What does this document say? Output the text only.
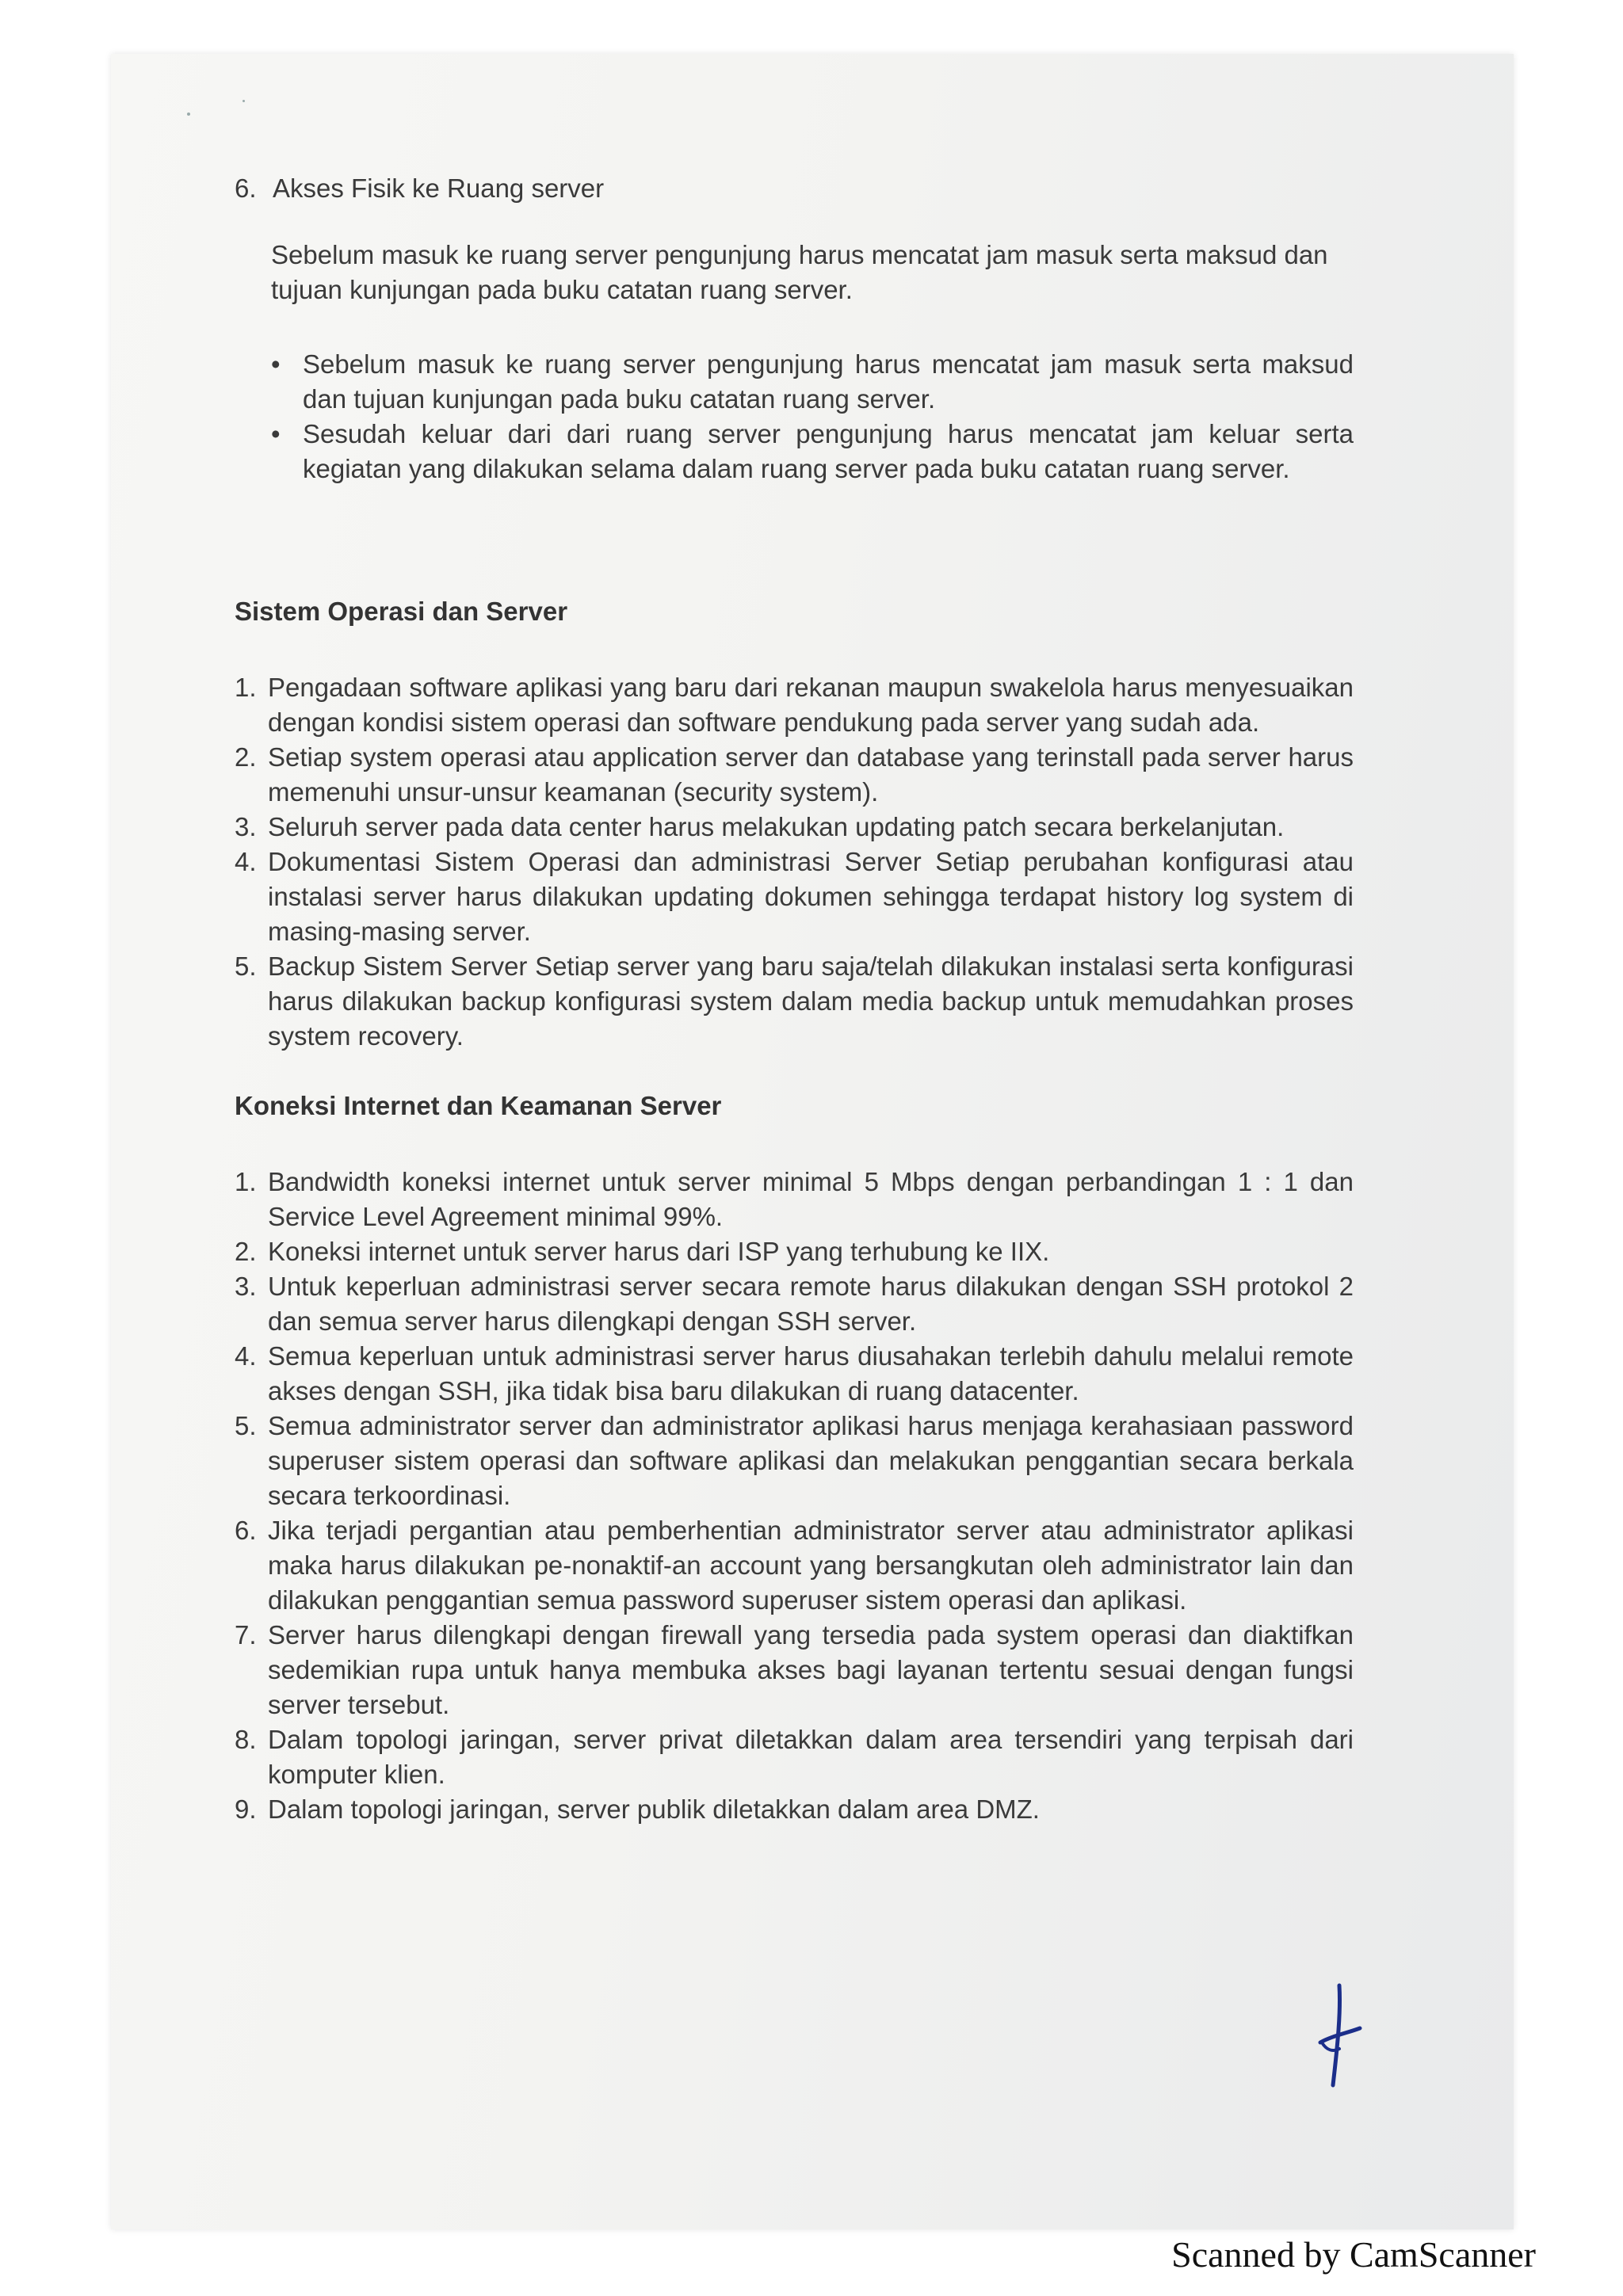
6. Akses Fisik ke Ruang server
Sebelum masuk ke ruang server pengunjung harus mencatat jam masuk serta maksud dan tujuan kunjungan pada buku catatan ruang server.
• Sebelum masuk ke ruang server pengunjung harus mencatat jam masuk serta maksud dan tujuan kunjungan pada buku catatan ruang server.
• Sesudah keluar dari dari ruang server pengunjung harus mencatat jam keluar serta kegiatan yang dilakukan selama dalam ruang server pada buku catatan ruang server.
Sistem Operasi dan Server
1. Pengadaan software aplikasi yang baru dari rekanan maupun swakelola harus menyesuaikan dengan kondisi sistem operasi dan software pendukung pada server yang sudah ada.
2. Setiap system operasi atau application server dan database yang terinstall pada server harus memenuhi unsur-unsur keamanan (security system).
3. Seluruh server pada data center harus melakukan updating patch secara berkelanjutan.
4. Dokumentasi Sistem Operasi dan administrasi Server Setiap perubahan konfigurasi atau instalasi server harus dilakukan updating dokumen sehingga terdapat history log system di masing-masing server.
5. Backup Sistem Server Setiap server yang baru saja/telah dilakukan instalasi serta konfigurasi harus dilakukan backup konfigurasi system dalam media backup untuk memudahkan proses system recovery.
Koneksi Internet dan Keamanan Server
1. Bandwidth koneksi internet untuk server minimal 5 Mbps dengan perbandingan 1 : 1 dan Service Level Agreement minimal 99%.
2. Koneksi internet untuk server harus dari ISP yang terhubung ke IIX.
3. Untuk keperluan administrasi server secara remote harus dilakukan dengan SSH protokol 2 dan semua server harus dilengkapi dengan SSH server.
4. Semua keperluan untuk administrasi server harus diusahakan terlebih dahulu melalui remote akses dengan SSH, jika tidak bisa baru dilakukan di ruang datacenter.
5. Semua administrator server dan administrator aplikasi harus menjaga kerahasiaan password superuser sistem operasi dan software aplikasi dan melakukan penggantian secara berkala secara terkoordinasi.
6. Jika terjadi pergantian atau pemberhentian administrator server atau administrator aplikasi maka harus dilakukan pe-nonaktif-an account yang bersangkutan oleh administrator lain dan dilakukan penggantian semua password superuser sistem operasi dan aplikasi.
7. Server harus dilengkapi dengan firewall yang tersedia pada system operasi dan diaktifkan sedemikian rupa untuk hanya membuka akses bagi layanan tertentu sesuai dengan fungsi server tersebut.
8. Dalam topologi jaringan, server privat diletakkan dalam area tersendiri yang terpisah dari komputer klien.
9. Dalam topologi jaringan, server publik diletakkan dalam area DMZ.
Scanned by CamScanner
